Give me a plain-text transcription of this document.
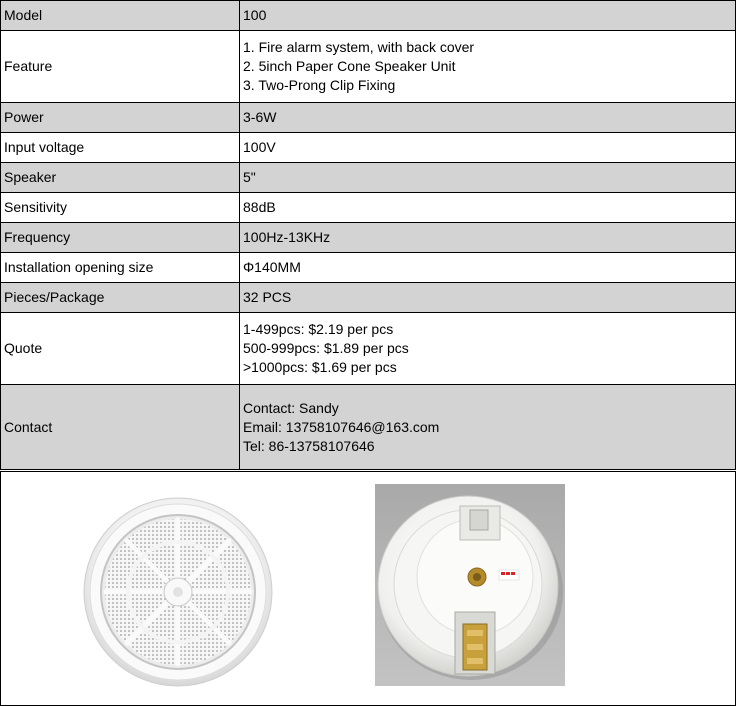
Model	100

Feature	1. Fire alarm system, with back cover
2. 5inch Paper Cone Speaker Unit
3. Two-Prong Clip Fixing

Power	3-6W

Input voltage	100V

Speaker	5"

Sensitivity	88dB

Frequency	100Hz-13KHz

Installation opening size	Φ140MM

Pieces/Package	32 PCS

Quote	1-499pcs: $2.19 per pcs
500-999pcs: $1.89 per pcs
>1000pcs: $1.69 per pcs

Contact	Contact: Sandy
Email: 13758107646@163.com
Tel: 86-13758107646
